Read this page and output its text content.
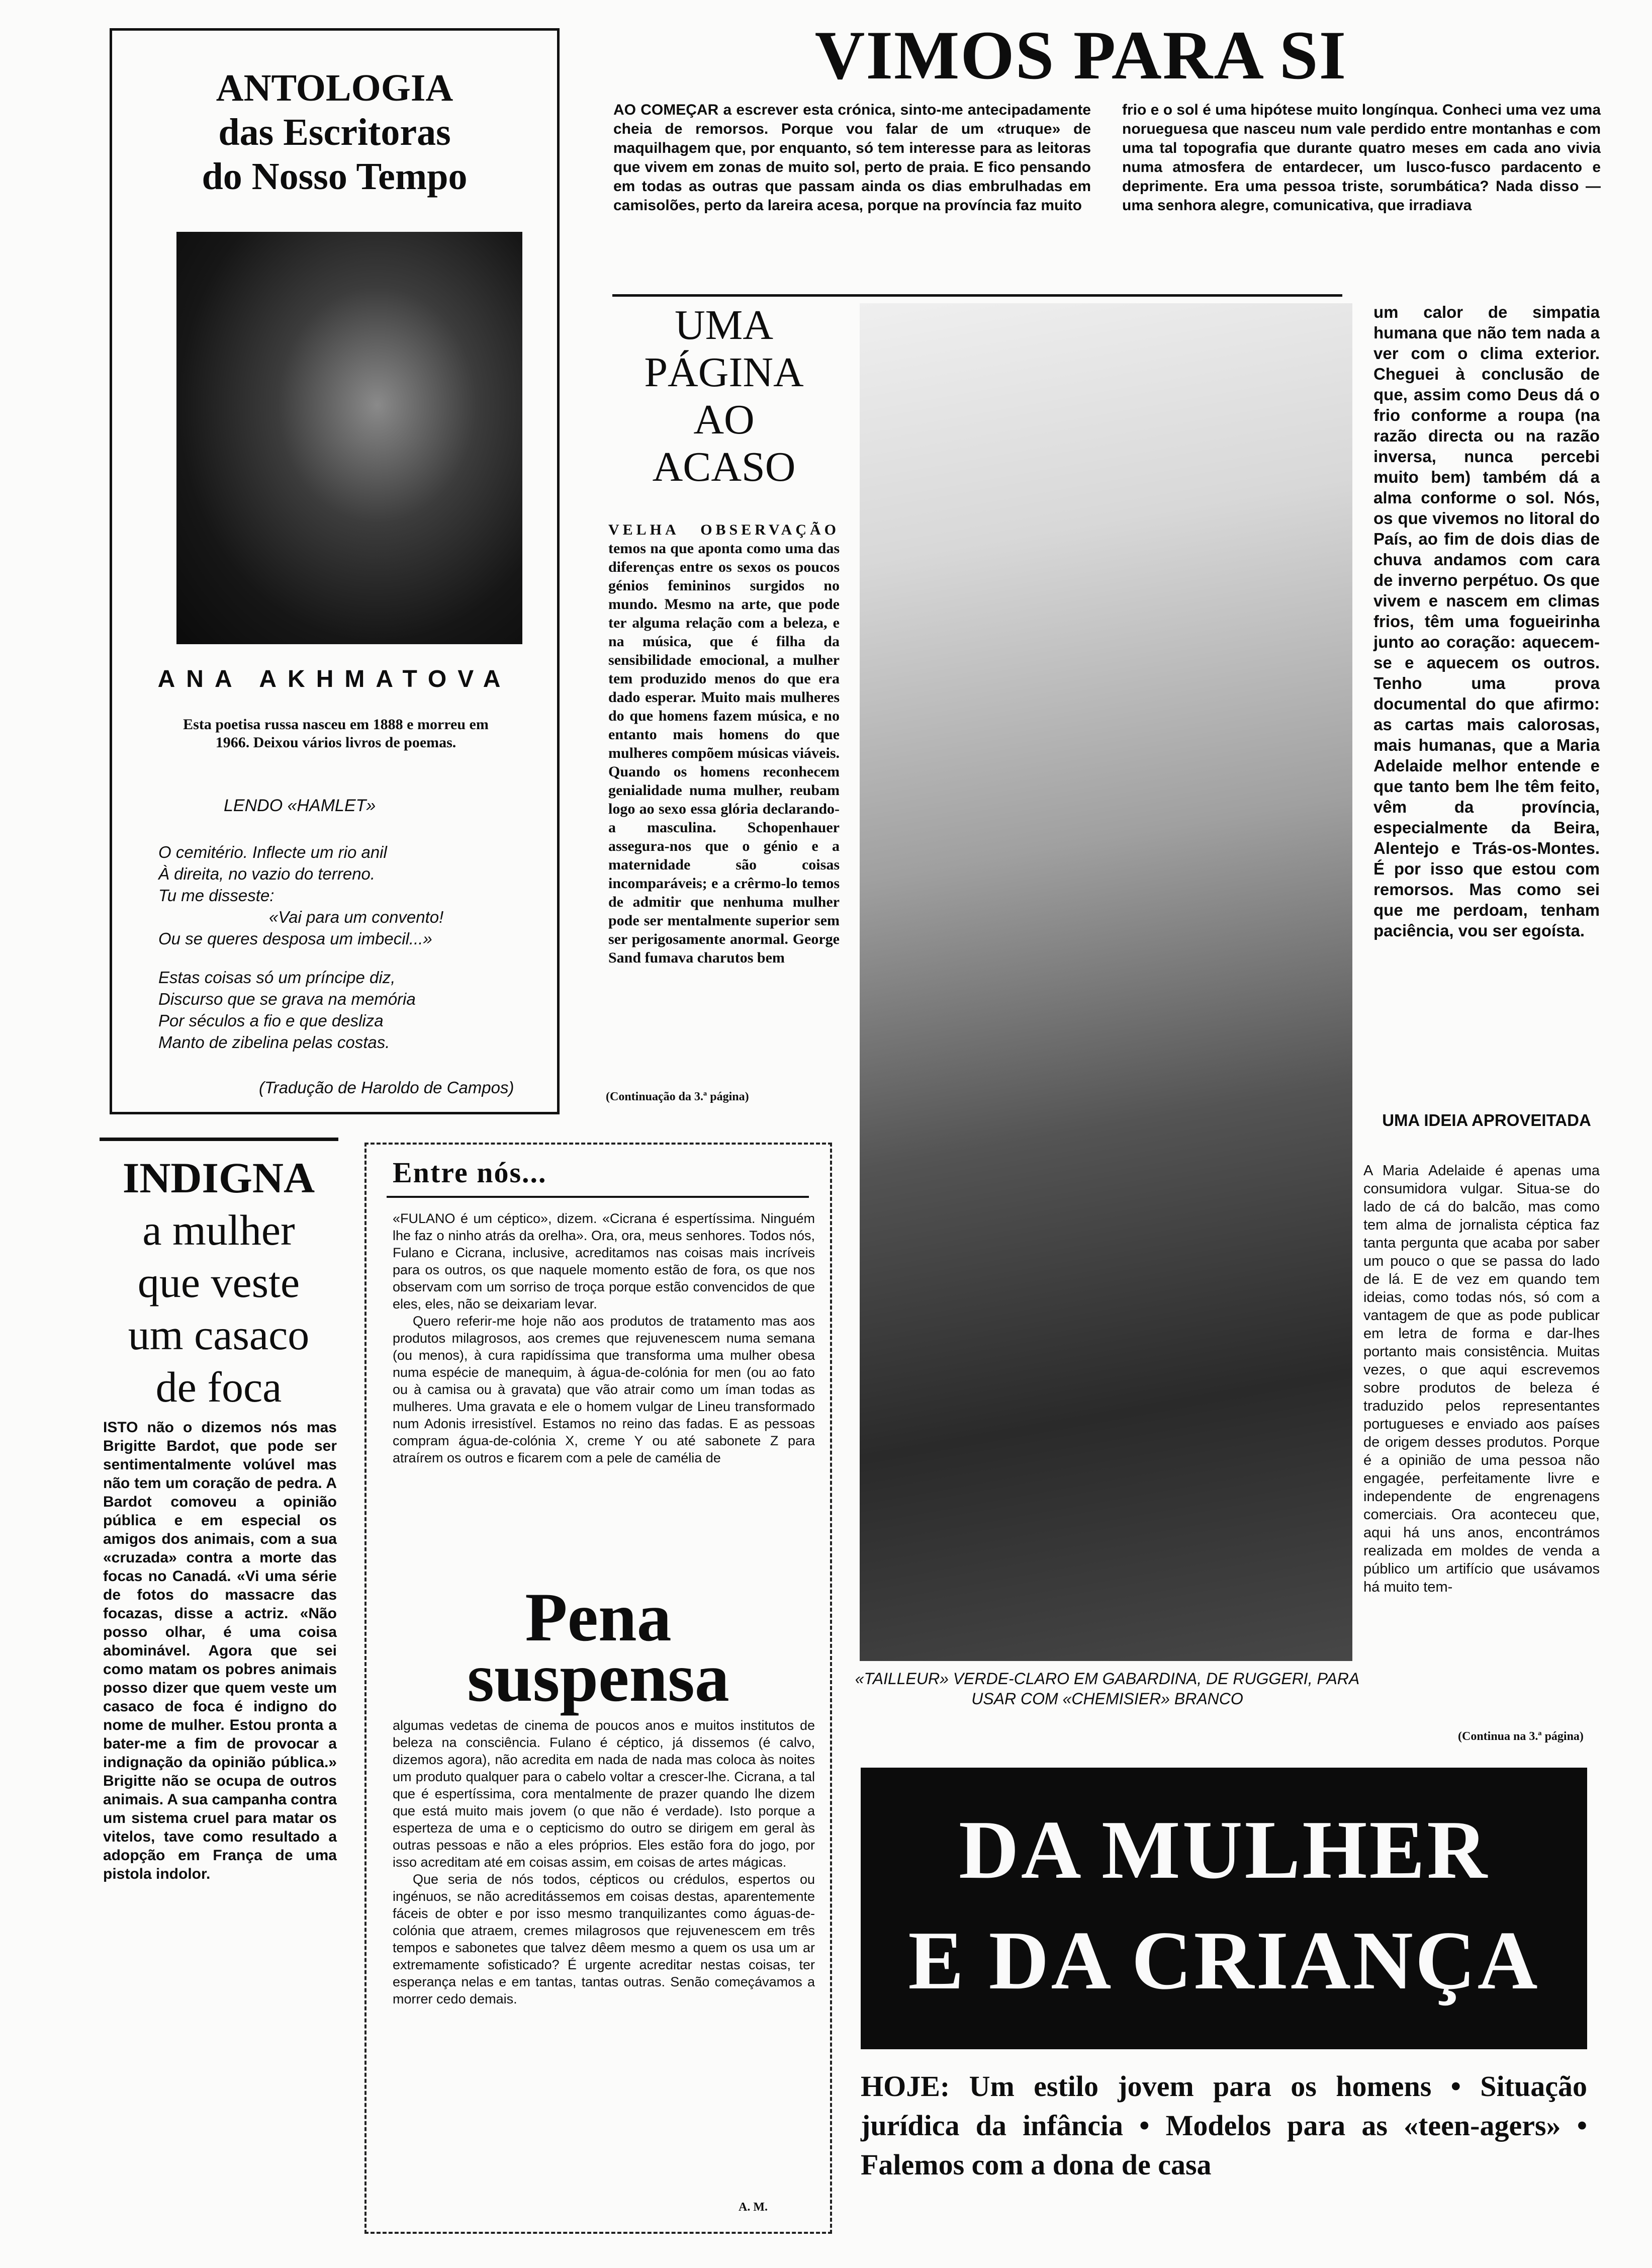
ANTOLOGIA
das Escritoras
do Nosso Tempo
ANA AKHMATOVA
Esta poetisa russa nasceu em 1888 e morreu em 1966. Deixou vários livros de poemas.
LENDO «HAMLET»
O cemitério. Inflecte um rio anil
À direita, no vazio do terreno.
Tu me disseste:
«Vai para um convento!
Ou se queres desposa um imbecil...»
Estas coisas só um príncipe diz,
Discurso que se grava na memória
Por séculos a fio e que desliza
Manto de zibelina pelas costas.
(Tradução de Haroldo de Campos)
VIMOS PARA SI
AO COMEÇAR a escrever esta crónica, sinto-me antecipadamente cheia de remorsos. Porque vou falar de um «truque» de maquilhagem que, por enquanto, só tem interesse para as leitoras que vivem em zonas de muito sol, perto de praia. E fico pensando em todas as outras que passam ainda os dias embrulhadas em camisolões, perto da lareira acesa, porque na província faz muito
frio e o sol é uma hipótese muito longínqua. Conheci uma vez uma norueguesa que nasceu num vale perdido entre montanhas e com uma tal topografia que durante quatro meses em cada ano vivia numa atmosfera de entardecer, um lusco-fusco pardacento e deprimente. Era uma pessoa triste, sorumbática? Nada disso — uma senhora alegre, comunicativa, que irradiava
UMA
PÁGINA
AO
ACASO
VELHA OBSERVAÇÃO temos na que aponta como uma das diferenças entre os sexos os poucos génios femininos surgidos no mundo. Mesmo na arte, que pode ter alguma relação com a beleza, e na música, que é filha da sensibilidade emocional, a mulher tem produzido menos do que era dado esperar. Muito mais mulheres do que homens fazem música, e no entanto mais homens do que mulheres compõem músicas viáveis. Quando os homens reconhecem genialidade numa mulher, reubam logo ao sexo essa glória declarando-a masculina. Schopenhauer assegura-nos que o génio e a maternidade são coisas incomparáveis; e a crêrmo-lo temos de admitir que nenhuma mulher pode ser mentalmente superior sem ser perigosamente anormal. George Sand fumava charutos bem
(Continuação da 3.ª página)
«TAILLEUR» VERDE-CLARO EM GABARDINA, DE RUGGERI, PARA USAR COM «CHEMISIER» BRANCO
um calor de simpatia humana que não tem nada a ver com o clima exterior. Cheguei à conclusão de que, assim como Deus dá o frio conforme a roupa (na razão directa ou na razão inversa, nunca percebi muito bem) também dá a alma conforme o sol. Nós, os que vivemos no litoral do País, ao fim de dois dias de chuva andamos com cara de inverno perpétuo. Os que vivem e nascem em climas frios, têm uma fogueirinha junto ao coração: aquecem-se e aquecem os outros. Tenho uma prova documental do que afirmo: as cartas mais calorosas, mais humanas, que a Maria Adelaide melhor entende e que tanto bem lhe têm feito, vêm da província, especialmente da Beira, Alentejo e Trás-os-Montes. É por isso que estou com remorsos. Mas como sei que me perdoam, tenham paciência, vou ser egoísta.
UMA IDEIA APROVEITADA
A Maria Adelaide é apenas uma consumidora vulgar. Situa-se do lado de cá do balcão, mas como tem alma de jornalista céptica faz tanta pergunta que acaba por saber um pouco o que se passa do lado de lá. E de vez em quando tem ideias, como todas nós, só com a vantagem de que as pode publicar em letra de forma e dar-lhes portanto mais consistência. Muitas vezes, o que aqui escrevemos sobre produtos de beleza é traduzido pelos representantes portugueses e enviado aos países de origem desses produtos. Porque é a opinião de uma pessoa não engagée, perfeitamente livre e independente de engrenagens comerciais. Ora aconteceu que, aqui há uns anos, encontrámos realizada em moldes de venda a público um artifício que usávamos há muito tem-
(Continua na 3.ª página)
INDIGNA
a mulher
que veste
um casaco
de foca
ISTO não o dizemos nós mas Brigitte Bardot, que pode ser sentimentalmente volúvel mas não tem um coração de pedra. A Bardot comoveu a opinião pública e em especial os amigos dos animais, com a sua «cruzada» contra a morte das focas no Canadá. «Vi uma série de fotos do massacre das focazas, disse a actriz. «Não posso olhar, é uma coisa abominável. Agora que sei como matam os pobres animais posso dizer que quem veste um casaco de foca é indigno do nome de mulher. Estou pronta a bater-me a fim de provocar a indignação da opinião pública.» Brigitte não se ocupa de outros animais. A sua campanha contra um sistema cruel para matar os vitelos, tave como resultado a adopção em França de uma pistola indolor.
Entre nós...

«FULANO é um céptico», dizem. «Cicrana é espertíssima. Ninguém lhe faz o ninho atrás da orelha». Ora, ora, meus senhores. Todos nós, Fulano e Cicrana, inclusive, acreditamos nas coisas mais incríveis para os outros, os que naquele momento estão de fora, os que nos observam com um sorriso de troça porque estão convencidos de que eles, eles, não se deixariam levar.

Quero referir-me hoje não aos produtos de tratamento mas aos produtos milagrosos, aos cremes que rejuvenescem numa semana (ou menos), à cura rapidíssima que transforma uma mulher obesa numa espécie de manequim, à água-de-colónia for men (ou ao fato ou à camisa ou à gravata) que vão atrair como um íman todas as mulheres. Uma gravata e ele o homem vulgar de Lineu transformado num Adonis irresistível. Estamos no reino das fadas. E as pessoas compram água-de-colónia X, creme Y ou até sabonete Z para atraírem os outros e ficarem com a pele de camélia de

Pena
suspensa

algumas vedetas de cinema de poucos anos e muitos institutos de beleza na consciência. Fulano é céptico, já dissemos (é calvo, dizemos agora), não acredita em nada de nada mas coloca às noites um produto qualquer para o cabelo voltar a crescer-lhe. Cicrana, a tal que é espertíssima, cora mentalmente de prazer quando lhe dizem que está muito mais jovem (o que não é verdade). Isto porque a esperteza de uma e o cepticismo do outro se dirigem em geral às outras pessoas e não a eles próprios. Eles estão fora do jogo, por isso acreditam até em coisas assim, em coisas de artes mágicas.

Que seria de nós todos, cépticos ou crédulos, espertos ou ingénuos, se não acreditássemos em coisas destas, aparentemente fáceis de obter e por isso mesmo tranquilizantes como águas-de-colónia que atraem, cremes milagrosos que rejuvenescem em três tempos e sabonetes que talvez dêem mesmo a quem os usa um ar extremamente sofisticado? É urgente acreditar nestas coisas, ter esperança nelas e em tantas, tantas outras. Senão começávamos a morrer cedo demais.

A. M.
DA MULHER
E DA CRIANÇA
HOJE: Um estilo jovem para os homens • Situação jurídica da infância • Modelos para as «teen-agers» • Falemos com a dona de casa
